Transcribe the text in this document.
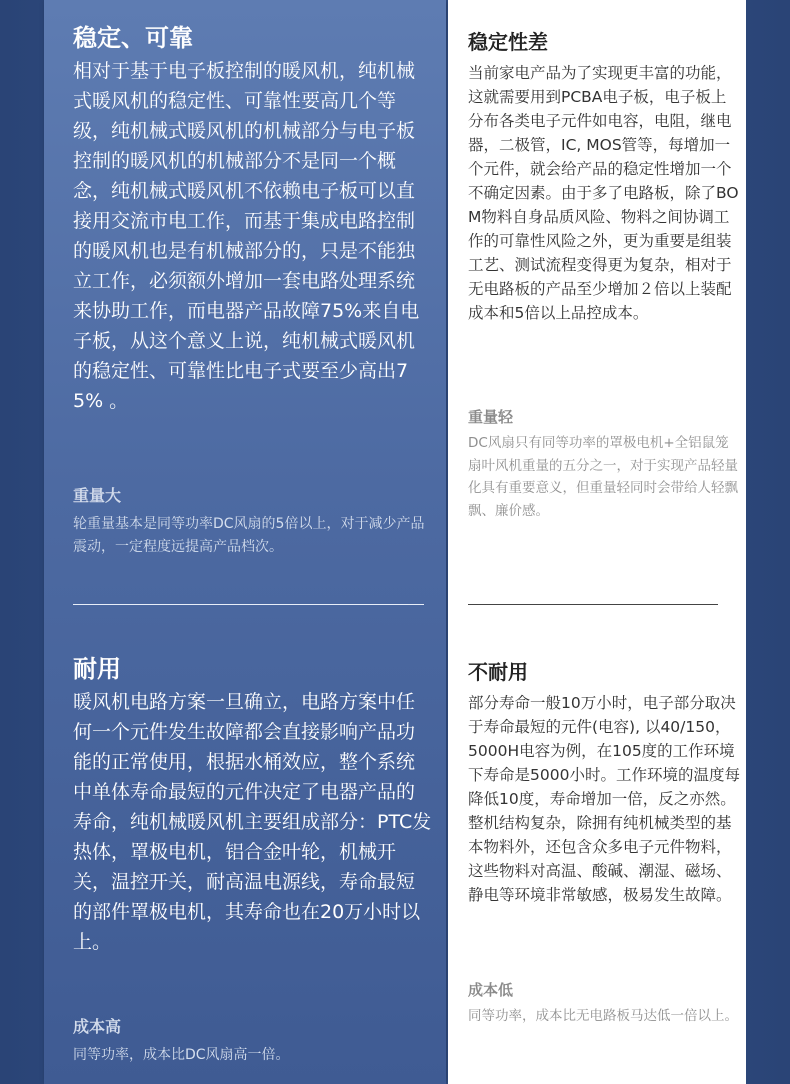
稳定、可靠

相对于基于电子板控制的暖风机，纯机械式暖风机的稳定性、可靠性要高几个等级，纯机械式暖风机的机械部分与电子板控制的暖风机的机械部分不是同一个概念，纯机械式暖风机不依赖电子板可以直接用交流市电工作，而基于集成电路控制的暖风机也是有机械部分的，只是不能独立工作，必须额外增加一套电路处理系统来协助工作，而电器产品故障75%来自电子板，从这个意义上说，纯机械式暖风机的稳定性、可靠性比电子式要至少高出75% 。

重量大

轮重量基本是同等功率DC风扇的5倍以上，对于减少产品震动，一定程度远提高产品档次。

耐用

暖风机电路方案一旦确立，电路方案中任何一个元件发生故障都会直接影响产品功能的正常使用，根据水桶效应，整个系统中单体寿命最短的元件决定了电器产品的寿命，纯机械暖风机主要组成部分：PTC发热体，罩极电机，铝合金叶轮，机械开关，温控开关，耐高温电源线，寿命最短的部件罩极电机，其寿命也在20万小时以上。

成本高

同等功率，成本比DC风扇高一倍。

稳定性差

当前家电产品为了实现更丰富的功能，这就需要用到PCBA电子板，电子板上分布各类电子元件如电容，电阻，继电器，二极管，IC, MOS管等，每增加一个元件，就会给产品的稳定性增加一个不确定因素。由于多了电路板，除了BOM物料自身品质风险、物料之间协调工作的可靠性风险之外，更为重要是组装工艺、测试流程变得更为复杂，相对于无电路板的产品至少增加２倍以上装配成本和5倍以上品控成本。

重量轻

DC风扇只有同等功率的罩极电机+全铝鼠笼扇叶风机重量的五分之一，对于实现产品轻量化具有重要意义，但重量轻同时会带给人轻飘飘、廉价感。

不耐用

部分寿命一般10万小时，电子部分取决于寿命最短的元件(电容), 以40/150，5000H电容为例，在105度的工作环境下寿命是5000小时。工作环境的温度每降低10度，寿命增加一倍，反之亦然。整机结构复杂，除拥有纯机械类型的基本物料外，还包含众多电子元件物料，这些物料对高温、酸碱、潮湿、磁场、静电等环境非常敏感，极易发生故障。

成本低

同等功率，成本比无电路板马达低一倍以上。
